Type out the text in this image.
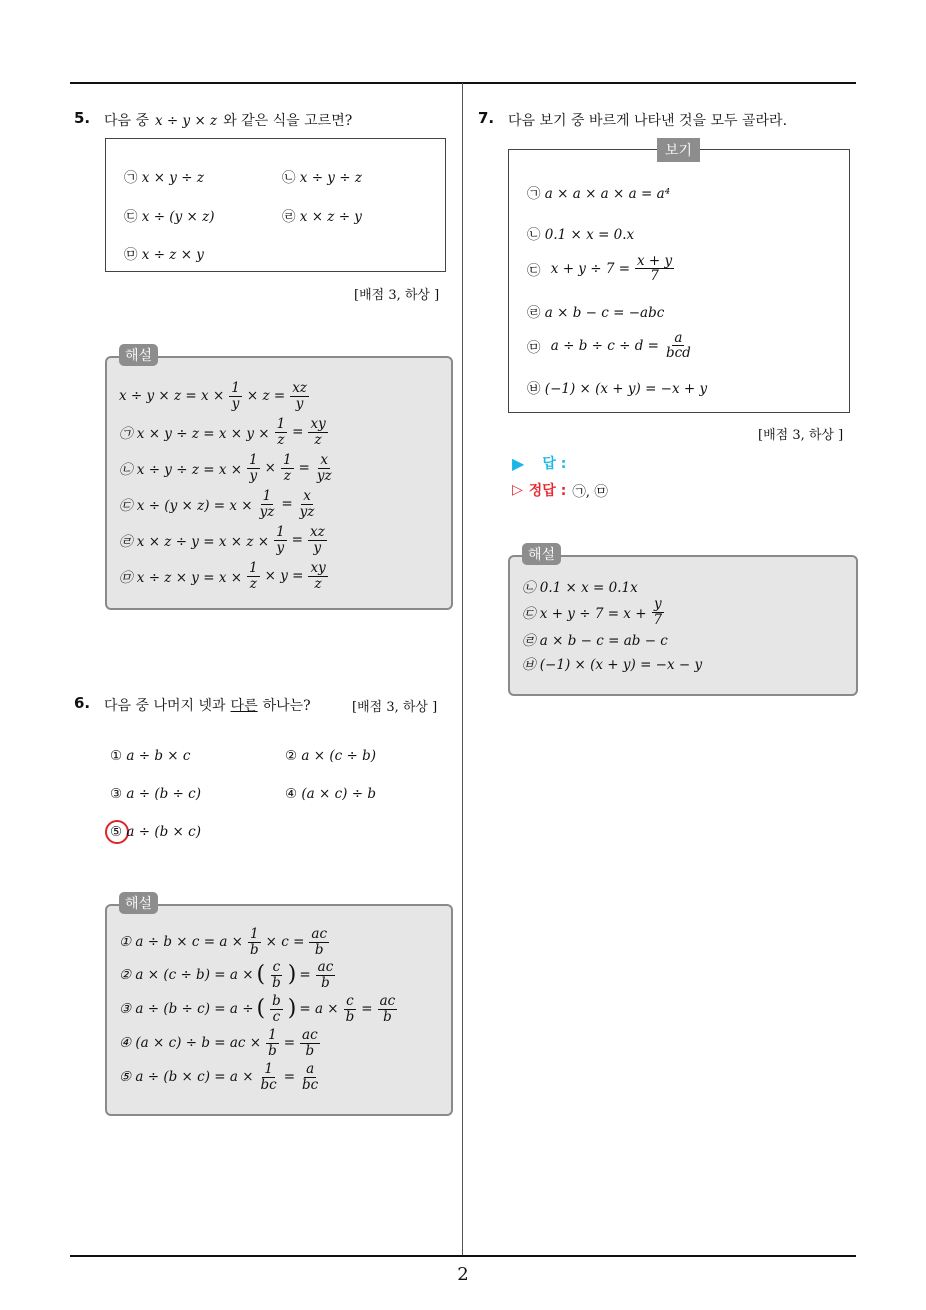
2
5. 다음 중 x ÷ y × z 와 같은 식을 고르면?
㉠ x × y ÷ z	㉡ x ÷ y ÷ z
㉢ x ÷ (y × z)	㉣ x × z ÷ y
㉤ x ÷ z × y
[배점 3, 하상 ]
$x \div y \times z = x \times \frac{1}{y} \times z = \frac{xz}{y}$
㉠ $x \times y \div z = x \times y \times \frac{1}{z} = \frac{xy}{z}$
㉡ $x \div y \div z = x \times \frac{1}{y} \times \frac{1}{z} = \frac{x}{yz}$
㉢ $x \div (y \times z) = x \times \frac{1}{yz} = \frac{x}{yz}$
㉣ $x \times z \div y = x \times z \times \frac{1}{y} = \frac{xz}{y}$
㉤ $x \div z \times y = x \times \frac{1}{z} \times y = \frac{xy}{z}$
해설
6. 다음 중 나머지 넷과 다른 하나는?	[배점 3, 하상 ]
① a ÷ b × c	② a × (c ÷ b)
③ a ÷ (b ÷ c)	④ (a × c) ÷ b
⑤ a ÷ (b × c)
① $a \div b \times c = a \times \frac{1}{b} \times c = \frac{ac}{b}$
② a × (c ÷ b) = a × ( $\frac{c}{b}$ ) = $\frac{ac}{b}$
③ a ÷ (b ÷ c) = a ÷ ( $\frac{b}{c}$ ) = $a \times \frac{c}{b} = \frac{ac}{b}$
④ (a × c) ÷ b = ac × $\frac{1}{b} = \frac{ac}{b}$
⑤ $a \div (b \times c) = a \times \frac{1}{bc} = \frac{a}{bc}$
해설
7. 다음 보기 중 바르게 나타낸 것을 모두 골라라.
㉠ a × a × a × a = a⁴
㉡ 0.1 × x = 0.x
㉢
$x + y \div 7 = \frac{x + y}{7}$
㉣ a × b − c = −abc
㉤
$a \div b \div c \div d = \frac{a}{\text{bcd}}$
㉥ (−1) × (x + y) = −x + y
보기
[배점 3, 하상 ]
▶ 답 :
▷ 정답 : ㉠, ㉤
㉡ 0.1 × x = 0.1x
㉢ $x + y \div 7 = x + \frac{y}{7}$
㉣ a × b − c = ab − c
㉥ (−1) × (x + y) = −x − y
해설
